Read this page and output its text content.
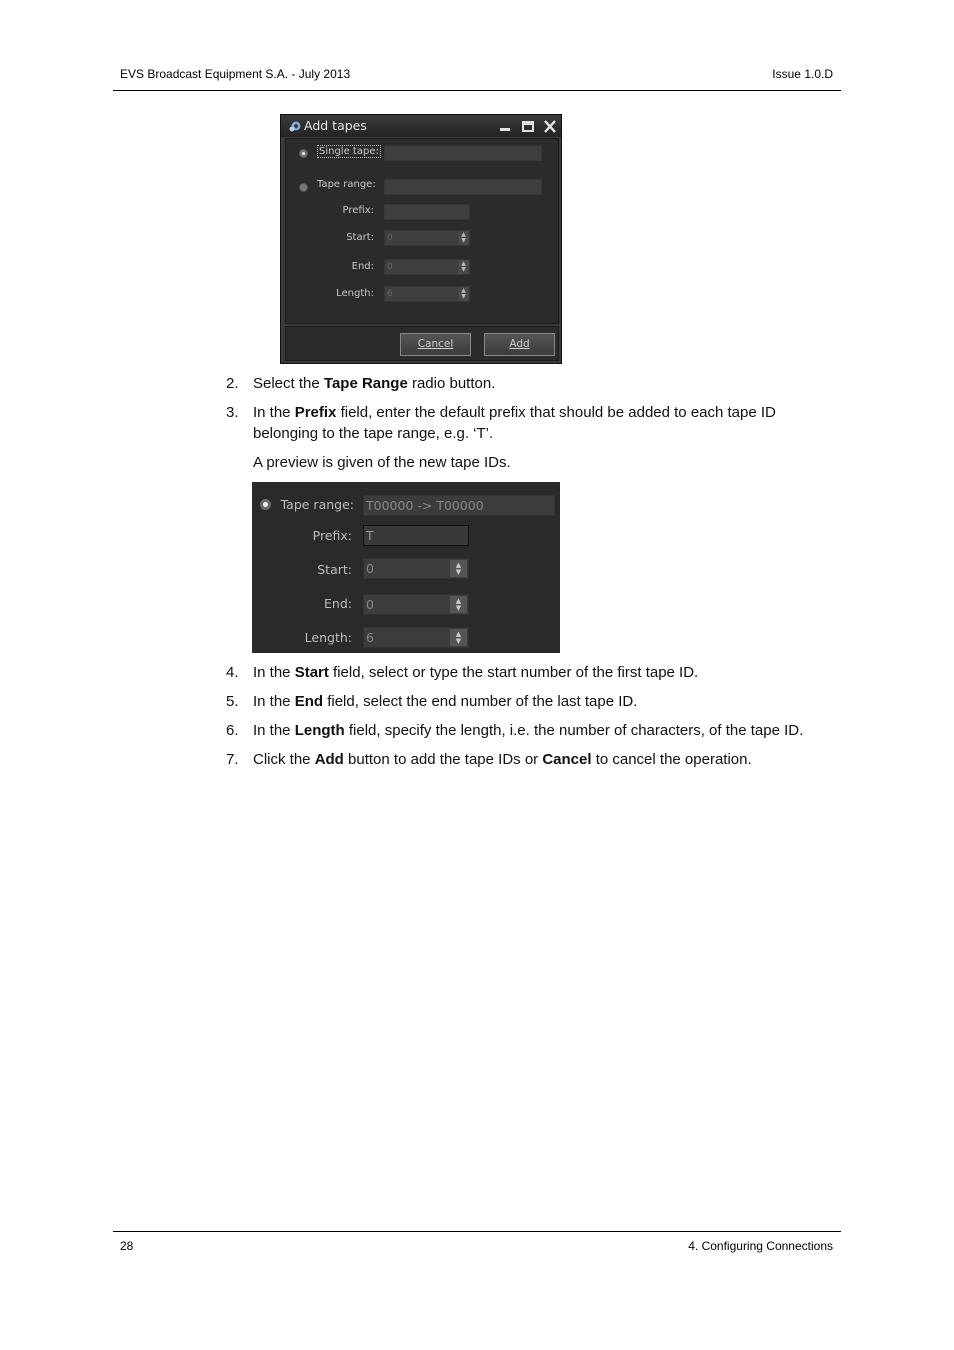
EVS Broadcast Equipment S.A. - July 2013	Issue 1.0.D
Add tapes
Single tape:
Tape range:
Prefix:
Start:	0	▲
▼
End:	0	▲
▼
Length:	6	▲
▼
Cancel	Add
2. Select the Tape Range radio button.
3. In the Prefix field, enter the default prefix that should be added to each tape ID belonging to the tape range, e.g. ‘T’.
A preview is given of the new tape IDs.
Tape range: T00000 -> T00000
Prefix: T
Start: 0	▲
▼
End: 0	▲
▼
Length: 6	▲
▼
4. In the Start field, select or type the start number of the first tape ID.
5. In the End field, select the end number of the last tape ID.
6. In the Length field, specify the length, i.e. the number of characters, of the tape ID.
7. Click the Add button to add the tape IDs or Cancel to cancel the operation.
28	4. Configuring Connections
